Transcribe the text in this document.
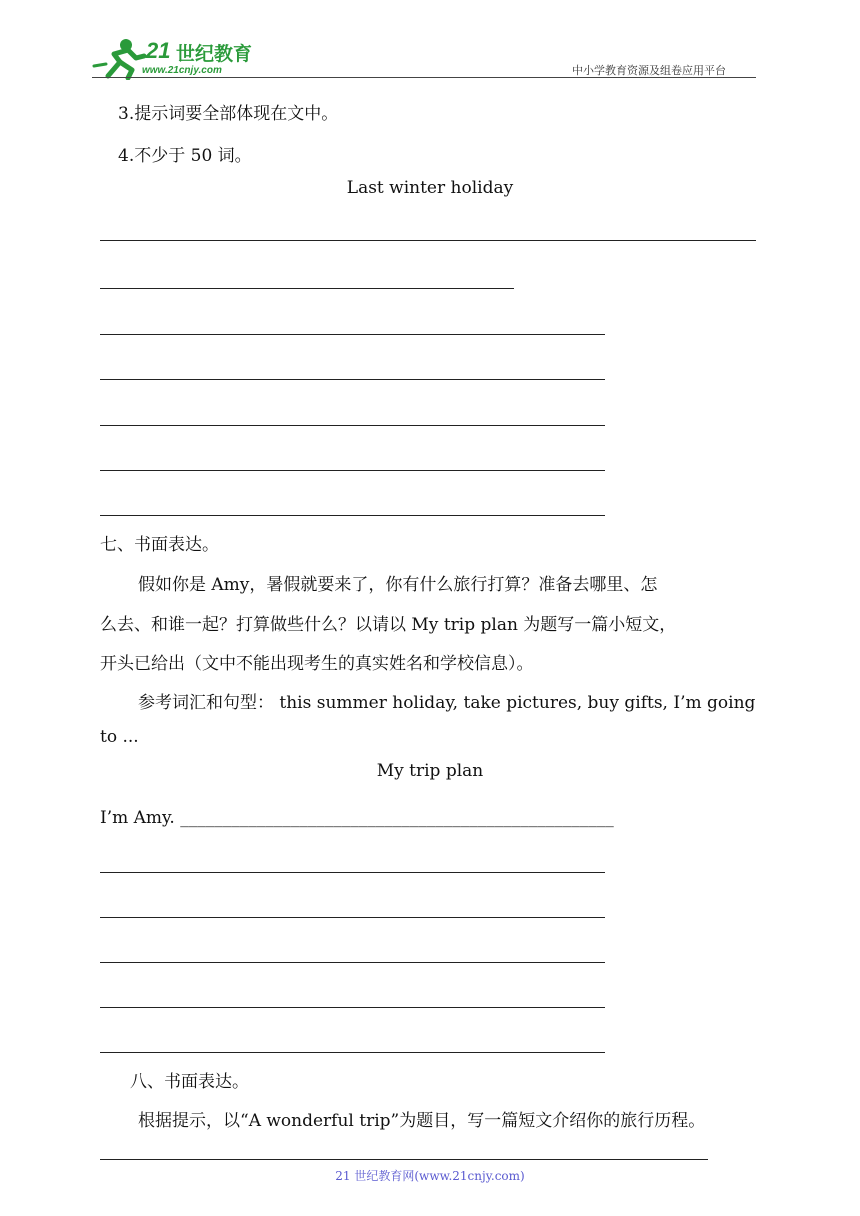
21 世纪教育
www.21cnjy.com	中小学教育资源及组卷应用平台
3.提示词要全部体现在文中。
4.不少于 50 词。
Last winter holiday
七、书面表达。
假如你是 Amy，暑假就要来了，你有什么旅行打算？准备去哪里、怎
么去、和谁一起？打算做些什么？以请以 My trip plan 为题写一篇小短文，
开头已给出（文中不能出现考生的真实姓名和学校信息）。
参考词汇和句型： this summer holiday, take pictures, buy gifts, I’m going
to ...
My trip plan
I’m Amy. ___________________________________________________
八、书面表达。
根据提示，以“A wonderful trip”为题目，写一篇短文介绍你的旅行历程。
21 世纪教育网(www.21cnjy.com)
